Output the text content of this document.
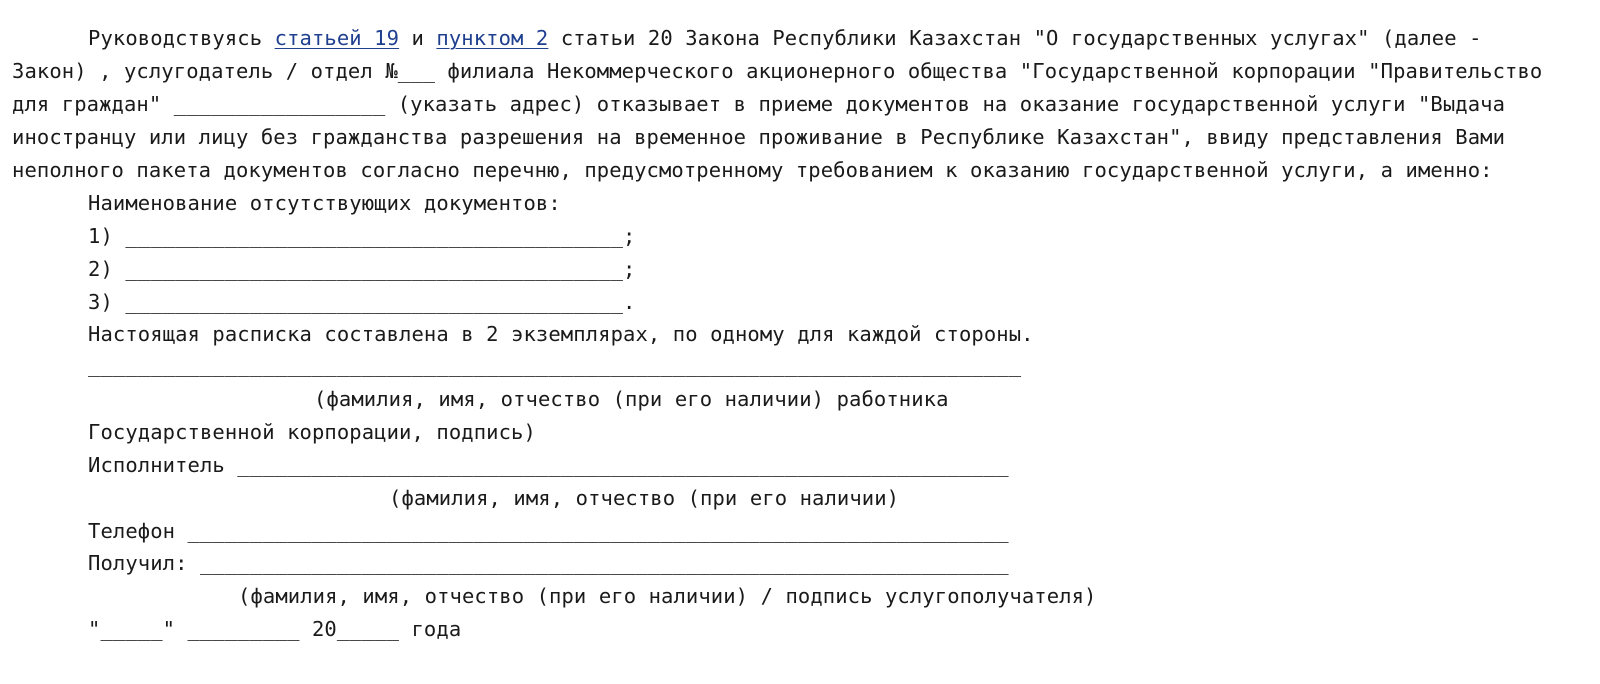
Руководствуясь статьей 19 и пунктом 2 статьи 20 Закона Республики Казахстан "О государственных услугах" (далее -
Закон) , услугодатель / отдел №___ филиала Некоммерческого акционерного общества "Государственной корпорации "Правительство
для граждан" _________________ (указать адрес) отказывает в приеме документов на оказание государственной услуги "Выдача
иностранцу или лицу без гражданства разрешения на временное проживание в Республике Казахстан", ввиду представления Вами
неполного пакета документов согласно перечню, предусмотренному требованием к оказанию государственной услуги, а именно:
Наименование отсутствующих документов:
1) ________________________________________;
2) ________________________________________;
3) ________________________________________.
Настоящая расписка составлена в 2 экземплярах, по одному для каждой стороны.
___________________________________________________________________________
(фамилия, имя, отчество (при его наличии) работника
Государственной корпорации, подпись)
Исполнитель ______________________________________________________________
(фамилия, имя, отчество (при его наличии)
Телефон __________________________________________________________________
Получил: _________________________________________________________________
(фамилия, имя, отчество (при его наличии) / подпись услугополучателя)
"_____" _________ 20_____ года
